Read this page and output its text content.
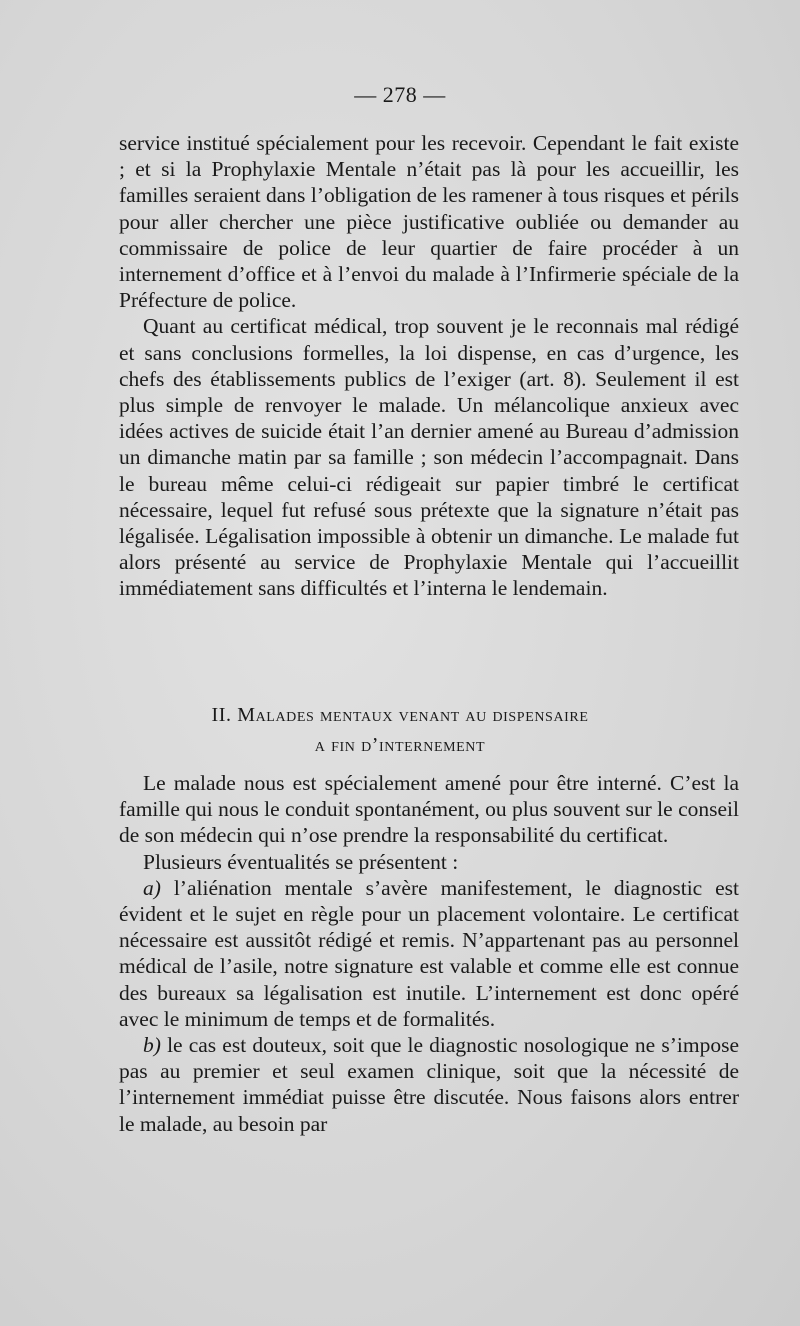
— 278 —

service institué spécialement pour les recevoir. Cependant le fait existe ; et si la Prophylaxie Mentale n’était pas là pour les accueillir, les familles seraient dans l’obligation de les ramener à tous risques et périls pour aller chercher une pièce justificative oubliée ou demander au commissaire de police de leur quartier de faire procéder à un internement d’office et à l’envoi du malade à l’Infirmerie spéciale de la Préfecture de police.

Quant au certificat médical, trop souvent je le reconnais mal rédigé et sans conclusions formelles, la loi dispense, en cas d’urgence, les chefs des établissements publics de l’exiger (art. 8). Seulement il est plus simple de renvoyer le malade. Un mélancolique anxieux avec idées actives de suicide était l’an dernier amené au Bureau d’admission un dimanche matin par sa famille ; son médecin l’accompagnait. Dans le bureau même celui-ci rédigeait sur papier timbré le certificat nécessaire, lequel fut refusé sous prétexte que la signature n’était pas légalisée. Légalisation impossible à obtenir un dimanche. Le malade fut alors présenté au service de Prophylaxie Mentale qui l’accueillit immédiatement sans difficultés et l’interna le lendemain.

II. Malades mentaux venant au dispensaire
a fin d’internement

Le malade nous est spécialement amené pour être interné. C’est la famille qui nous le conduit spontanément, ou plus souvent sur le conseil de son médecin qui n’ose prendre la responsabilité du certificat.

Plusieurs éventualités se présentent :

a) l’aliénation mentale s’avère manifestement, le diagnostic est évident et le sujet en règle pour un placement volontaire. Le certificat nécessaire est aussitôt rédigé et remis. N’appartenant pas au personnel médical de l’asile, notre signature est valable et comme elle est connue des bureaux sa légalisation est inutile. L’internement est donc opéré avec le minimum de temps et de formalités.

b) le cas est douteux, soit que le diagnostic nosologique ne s’impose pas au premier et seul examen clinique, soit que la nécessité de l’internement immédiat puisse être discutée. Nous faisons alors entrer le malade, au besoin par
